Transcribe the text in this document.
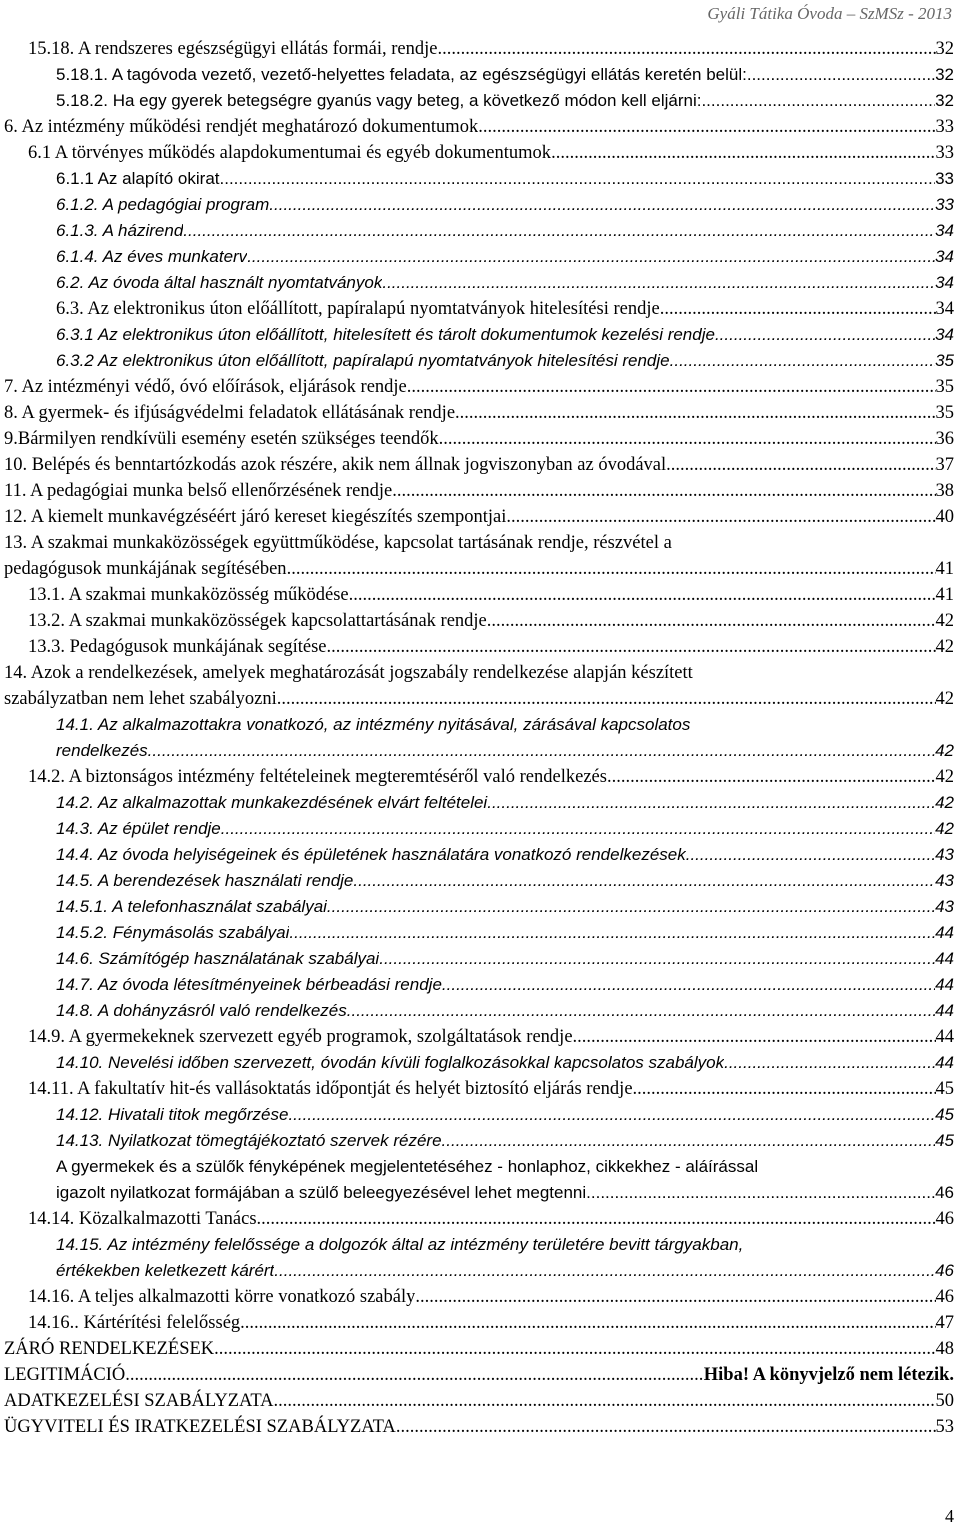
Gyáli Tátika Óvoda – SzMSz - 2013
15.18. A rendszeres egészségügyi ellátás formái, rendje .....	32
5.18.1. A tagóvoda vezető, vezető-helyettes feladata, az egészségügyi ellátás keretén belül: .....	32
5.18.2. Ha egy gyerek betegségre gyanús vagy beteg, a következő módon kell eljárni: .....	32
6. Az intézmény működési rendjét meghatározó dokumentumok .....	33
6.1 A törvényes működés alapdokumentumai és egyéb dokumentumok .....	33
6.1.1 Az alapító okirat .....	33
6.1.2. A pedagógiai program .....	33
6.1.3. A házirend .....	34
6.1.4. Az éves munkaterv .....	34
6.2. Az óvoda által használt nyomtatványok .....	34
6.3. Az elektronikus úton előállított, papíralapú nyomtatványok hitelesítési rendje .....	34
6.3.1 Az elektronikus úton előállított, hitelesített és tárolt dokumentumok kezelési rendje .....	34
6.3.2 Az elektronikus úton előállított, papíralapú nyomtatványok hitelesítési rendje .....	35
7. Az intézményi védő, óvó előírások, eljárások rendje .....	35
8. A gyermek- és ifjúságvédelmi feladatok ellátásának rendje .....	35
9.Bármilyen rendkívüli esemény esetén szükséges teendők .....	36
10. Belépés és benntartózkodás azok részére, akik nem állnak jogviszonyban az óvodával. .....	37
11. A pedagógiai munka belső ellenőrzésének rendje .....	38
12. A kiemelt munkavégzéséért járó kereset kiegészítés szempontjai .....	40
13. A szakmai munkaközösségek együttműködése, kapcsolat tartásának rendje, részvétel a
pedagógusok munkájának segítésében .....	41
13.1. A szakmai munkaközösség működése .....	41
13.2. A szakmai munkaközösségek kapcsolattartásának rendje .....	42
13.3. Pedagógusok munkájának segítése .....	42
14. Azok a rendelkezések, amelyek meghatározását jogszabály rendelkezése alapján készített
szabályzatban nem lehet szabályozni .....	42
14.1. Az alkalmazottakra vonatkozó, az intézmény nyitásával, zárásával kapcsolatos
rendelkezés .....	42
14.2. A biztonságos intézmény feltételeinek megteremtéséről való rendelkezés .....	42
14.2. Az alkalmazottak munkakezdésének elvárt feltételei. .....	42
14.3. Az épület rendje .....	42
14.4. Az óvoda helyiségeinek és épületének használatára vonatkozó rendelkezések .....	43
14.5. A berendezések használati rendje .....	43
14.5.1. A telefonhasználat szabályai .....	43
14.5.2. Fénymásolás szabályai .....	44
14.6. Számítógép használatának szabályai .....	44
14.7. Az óvoda létesítményeinek bérbeadási rendje .....	44
14.8. A dohányzásról való rendelkezés .....	44
14.9. A gyermekeknek szervezett egyéb programok, szolgáltatások rendje .....	44
14.10. Nevelési időben szervezett, óvodán kívüli foglalkozásokkal kapcsolatos szabályok .....	44
14.11. A fakultatív hit-és vallásoktatás időpontját és helyét biztosító eljárás rendje .....	45
14.12. Hivatali titok megőrzése .....	45
14.13. Nyilatkozat tömegtájékoztató szervek rézére .....	45
A gyermekek és a szülők fényképének megjelentetéséhez - honlaphoz, cikkekhez - aláírással
igazolt nyilatkozat formájában a szülő beleegyezésével lehet megtenni. .....	46
14.14. Közalkalmazotti Tanács .....	46
14.15. Az intézmény felelőssége a dolgozók által az intézmény területére bevitt tárgyakban,
értékekben keletkezett kárért .....	46
14.16. A teljes alkalmazotti körre vonatkozó szabály .....	46
14.16.. Kártérítési felelősség .....	47
ZÁRÓ RENDELKEZÉSEK .....	48
LEGITIMÁCIÓ .....	Hiba! A könyvjelző nem létezik.
ADATKEZELÉSI SZABÁLYZATA .....	50
ÜGYVITELI ÉS IRATKEZELÉSI SZABÁLYZATA .....	53
4
